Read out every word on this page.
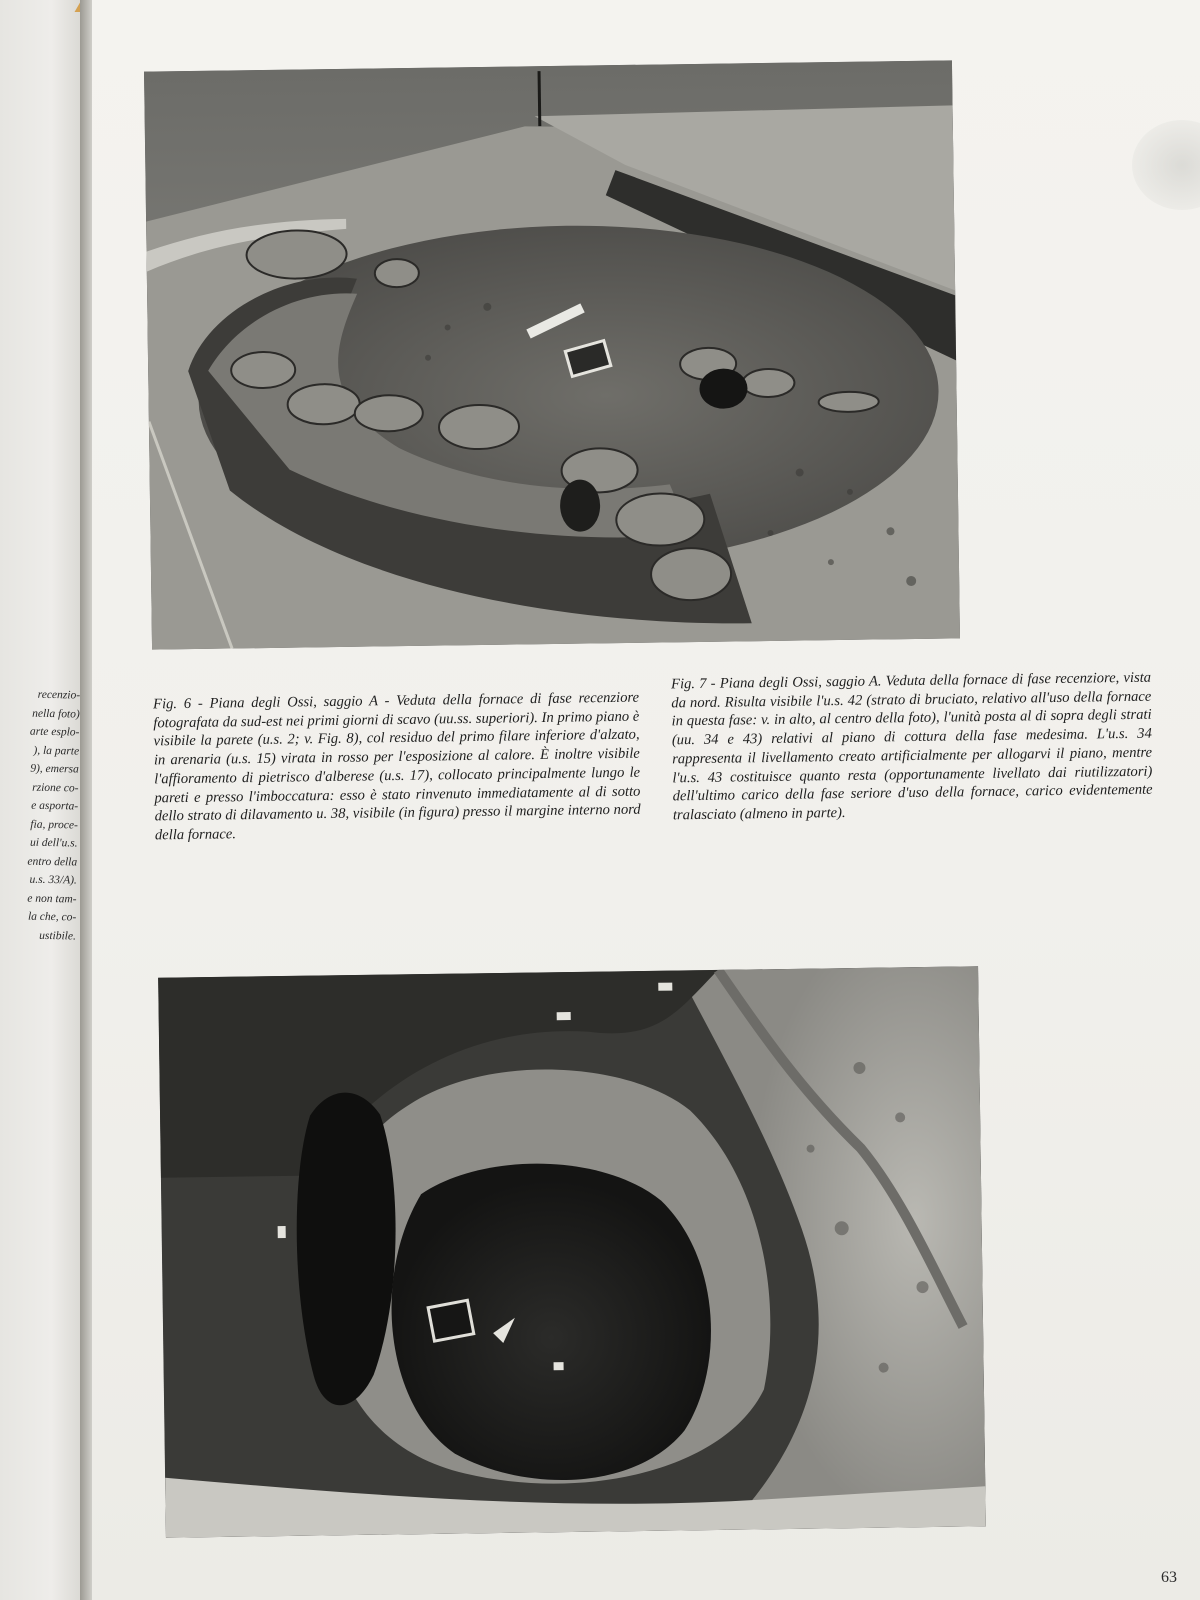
recenzio-
nella foto)
arte esplo-
), la parte
9), emersa
rzione co-
e asporta-
fia, proce-
ui dell'u.s.
entro della
u.s. 33/A).
e non tam-
la che, co-
ustibile.
Fig. 6 - Piana degli Ossi, saggio A - Veduta della fornace di fase recenziore fotografata da sud-est nei primi giorni di scavo (uu.ss. superiori). In primo piano è visibile la parete (u.s. 2; v. Fig. 8), col residuo del primo filare inferiore d'alzato, in arenaria (u.s. 15) virata in rosso per l'esposizione al calore. È inoltre visibile l'affioramento di pietrisco d'alberese (u.s. 17), collocato principalmente lungo le pareti e presso l'imboccatura: esso è stato rinvenuto immediatamente al di sotto dello strato di dilavamento u. 38, visibile (in figura) presso il margine interno nord della fornace.
Fig. 7 - Piana degli Ossi, saggio A. Veduta della fornace di fase recenziore, vista da nord. Risulta visibile l'u.s. 42 (strato di bruciato, relativo all'uso della fornace in questa fase: v. in alto, al centro della foto), l'unità posta al di sopra degli strati (uu. 34 e 43) relativi al piano di cottura della fase medesima. L'u.s. 34 rappresenta il livellamento creato artificialmente per allogarvi il piano, mentre l'u.s. 43 costituisce quanto resta (opportunamente livellato dai riutilizzatori) dell'ultimo carico della fase seriore d'uso della fornace, carico evidentemente tralasciato (almeno in parte).
63
